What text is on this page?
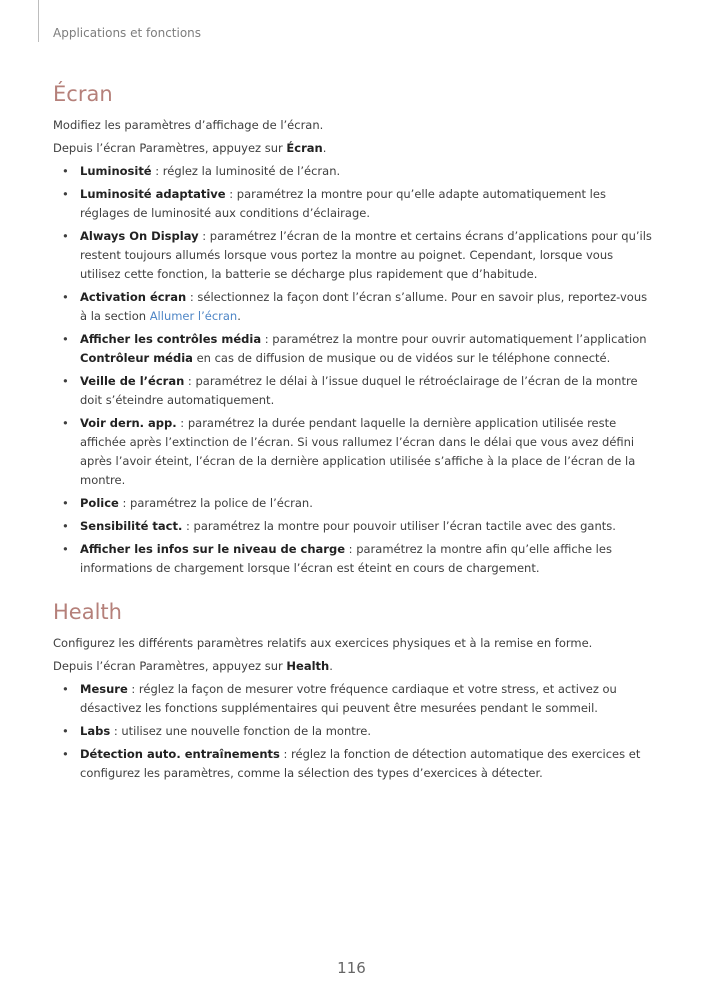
Applications et fonctions
Écran

Modifiez les paramètres d’affichage de l’écran.

Depuis l’écran Paramètres, appuyez sur Écran.

• Luminosité : réglez la luminosité de l’écran.
• Luminosité adaptative : paramétrez la montre pour qu’elle adapte automatiquement les réglages de luminosité aux conditions d’éclairage.
• Always On Display : paramétrez l’écran de la montre et certains écrans d’applications pour qu’ils restent toujours allumés lorsque vous portez la montre au poignet. Cependant, lorsque vous utilisez cette fonction, la batterie se décharge plus rapidement que d’habitude.
• Activation écran : sélectionnez la façon dont l’écran s’allume. Pour en savoir plus, reportez-vous à la section Allumer l’écran.
• Afficher les contrôles média : paramétrez la montre pour ouvrir automatiquement l’application Contrôleur média en cas de diffusion de musique ou de vidéos sur le téléphone connecté.
• Veille de l’écran : paramétrez le délai à l’issue duquel le rétroéclairage de l’écran de la montre doit s’éteindre automatiquement.
• Voir dern. app. : paramétrez la durée pendant laquelle la dernière application utilisée reste affichée après l’extinction de l’écran. Si vous rallumez l’écran dans le délai que vous avez défini après l’avoir éteint, l’écran de la dernière application utilisée s’affiche à la place de l’écran de la montre.
• Police : paramétrez la police de l’écran.
• Sensibilité tact. : paramétrez la montre pour pouvoir utiliser l’écran tactile avec des gants.
• Afficher les infos sur le niveau de charge : paramétrez la montre afin qu’elle affiche les informations de chargement lorsque l’écran est éteint en cours de chargement.
Health

Configurez les différents paramètres relatifs aux exercices physiques et à la remise en forme.

Depuis l’écran Paramètres, appuyez sur Health.

• Mesure : réglez la façon de mesurer votre fréquence cardiaque et votre stress, et activez ou désactivez les fonctions supplémentaires qui peuvent être mesurées pendant le sommeil.
• Labs : utilisez une nouvelle fonction de la montre.
• Détection auto. entraînements : réglez la fonction de détection automatique des exercices et configurez les paramètres, comme la sélection des types d’exercices à détecter.
116
